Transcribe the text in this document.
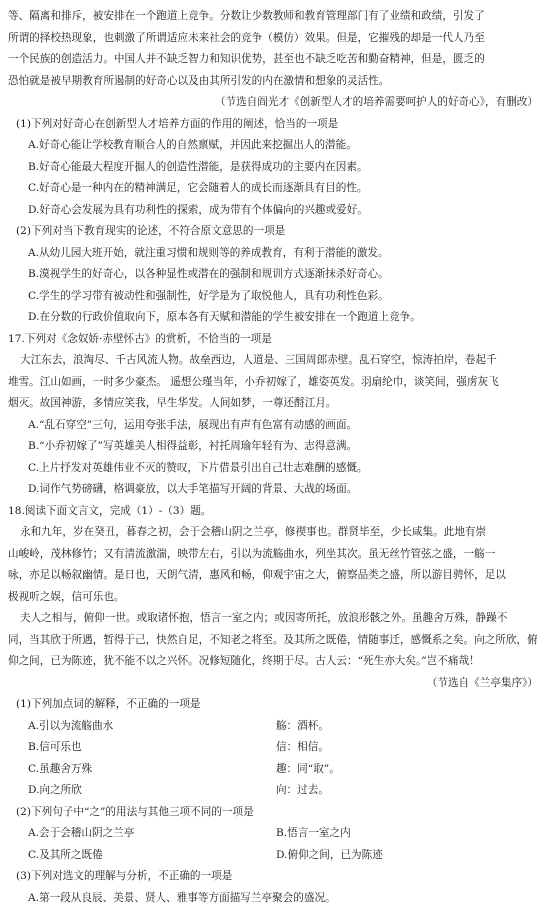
等、隔离和排斥，被安排在一个跑道上竞争。分数让少数教师和教育管理部门有了业绩和政绩，引发了
所谓的择校热现象，也刺激了所谓适应未来社会的竞争（模仿）效果。但是，它摧残的却是一代人乃至
一个民族的创造活力。中国人并不缺乏智力和知识优势，甚至也不缺乏吃苦和勤奋精神，但是，匮乏的
恐怕就是被早期教育所遏制的好奇心以及由其所引发的内在激情和想象的灵活性。
（节选自阎光才《创新型人才的培养需要呵护人的好奇心》，有删改）
(1)下列对好奇心在创新型人才培养方面的作用的阐述，恰当的一项是
A.好奇心能让学校教育顺合人的自然禀赋，并因此来挖掘出人的潜能。
B.好奇心能最大程度开掘人的创造性潜能，是获得成功的主要内在因素。
C.好奇心是一种内在的精神满足，它会随着人的成长而逐渐具有目的性。
D.好奇心会发展为具有功利性的探索，成为带有个体偏向的兴趣或爱好。
(2)下列对当下教育现实的论述，不符合原文意思的一项是
A.从幼儿园大班开始，就注重习惯和规则等的养成教育，有利于潜能的激发。
B.漠视学生的好奇心，以各种显性或潜在的强制和规训方式逐渐抹杀好奇心。
C.学生的学习带有被动性和强制性，好学是为了取悦他人，具有功利性色彩。
D.在分数的行政价值取向下，原本各有天赋和潜能的学生被安排在一个跑道上竞争。
17.下列对《念奴娇·赤壁怀古》的赏析，不恰当的一项是
大江东去，浪淘尽、千古风流人物。故垒西边，人道是、三国周郎赤壁。乱石穿空，惊涛拍岸，卷起千
堆雪。江山如画，一时多少豪杰。 遥想公瑾当年，小乔初嫁了，雄姿英发。羽扇纶巾，谈笑间，强虏灰飞
烟灭。故国神游，多情应笑我，早生华发。人间如梦，一尊还酹江月。
A.“乱石穿空”三句，运用夸张手法，展现出有声有色富有动感的画面。
B.“小乔初嫁了”写英雄美人相得益彰，衬托周瑜年轻有为、志得意满。
C.上片抒发对英雄伟业不灭的赞叹，下片借景引出自己壮志难酬的感慨。
D.词作气势磅礴，格调豪放，以大手笔描写开阔的背景、大战的场面。
18.阅读下面文言文，完成（1）-（3）题。
永和九年，岁在癸丑，暮春之初，会于会稽山阴之兰亭，修禊事也。群贤毕至，少长咸集。此地有崇
山峻岭，茂林修竹；又有清流激湍，映带左右，引以为流觞曲水，列坐其次。虽无丝竹管弦之盛，一觞一
咏，亦足以畅叙幽情。是日也，天朗气清，惠风和畅，仰观宇宙之大，俯察品类之盛，所以游目骋怀，足以
极视听之娱，信可乐也。
夫人之相与，俯仰一世。或取诸怀抱，悟言一室之内；或因寄所托，放浪形骸之外。虽趣舍万殊，静躁不
同，当其欣于所遇，暂得于己，快然自足，不知老之将至。及其所之既倦，情随事迁，感慨系之矣。向之所欣，俯
仰之间，已为陈迹，犹不能不以之兴怀。况修短随化，终期于尽。古人云：“死生亦大矣。”岂不痛哉！
（节选自《兰亭集序》）
(1)下列加点词的解释，不正确的一项是
A.引以为流觞曲水	觞：酒杯。
B.信可乐也	信：相信。
C.虽趣舍万殊	趣：同“取”。
D.向之所欣	向：过去。
(2)下列句子中“之”的用法与其他三项不同的一项是
A.会于会稽山阴之兰亭	B.悟言一室之内
C.及其所之既倦	D.俯仰之间，已为陈迹
(3)下列对选文的理解与分析，不正确的一项是
A.第一段从良辰、美景、贤人、雅事等方面描写兰亭聚会的盛况。
